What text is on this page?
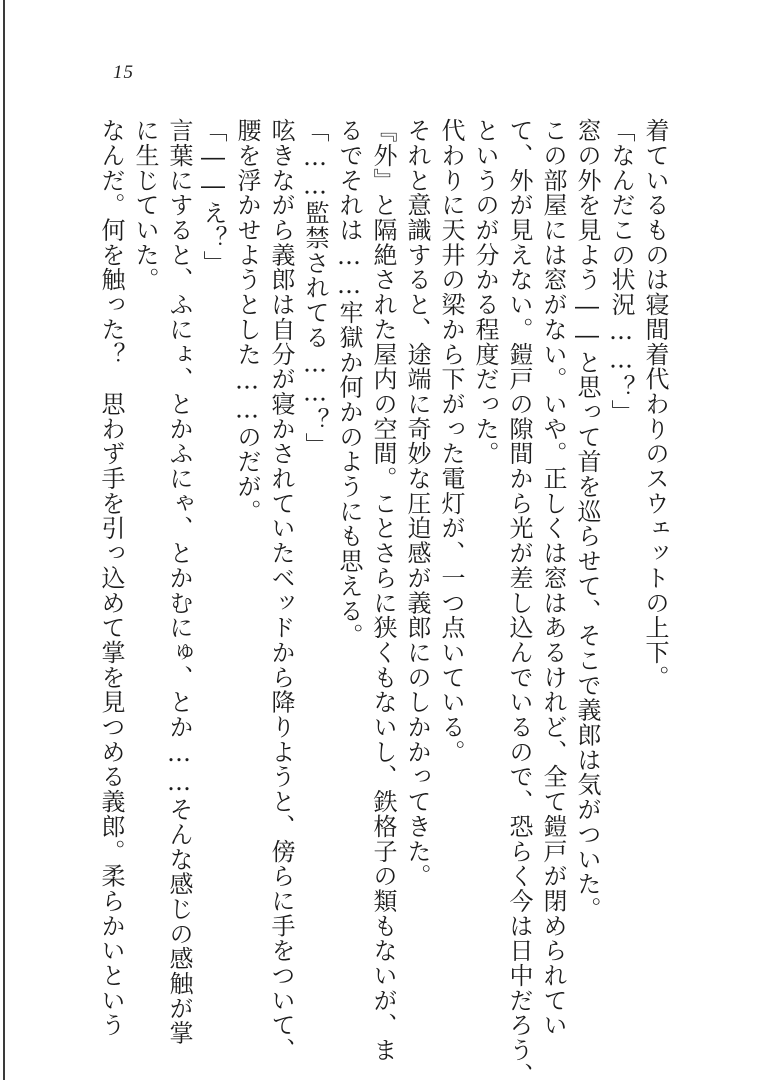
15
着ているものは寝間着代わりのスウェットの上下。
「なんだこの状況……？」
窓の外を見よう――と思って首を巡らせて、そこで義郎は気がついた。
この部屋には窓がない。いや。正しくは窓はあるけれど、全て鎧戸が閉められてい
て、外が見えない。鎧戸の隙間から光が差し込んでいるので、恐らく今は日中だろう、
というのが分かる程度だった。
代わりに天井の梁から下がった電灯が、一つ点いている。
それと意識すると、途端に奇妙な圧迫感が義郎にのしかかってきた。
『外』と隔絶された屋内の空間。ことさらに狭くもないし、鉄格子の類もないが、ま
るでそれは……牢獄か何かのようにも思える。
「……監禁されてる……？」
呟きながら義郎は自分が寝かされていたベッドから降りようと、傍らに手をついて、
腰を浮かせようとした……のだが。
「――え？」
言葉にすると、ふにょ、とかふにゃ、とかむにゅ、とか……そんな感じの感触が掌
に生じていた。
なんだ。何を触った？　思わず手を引っ込めて掌を見つめる義郎。柔らかいという
